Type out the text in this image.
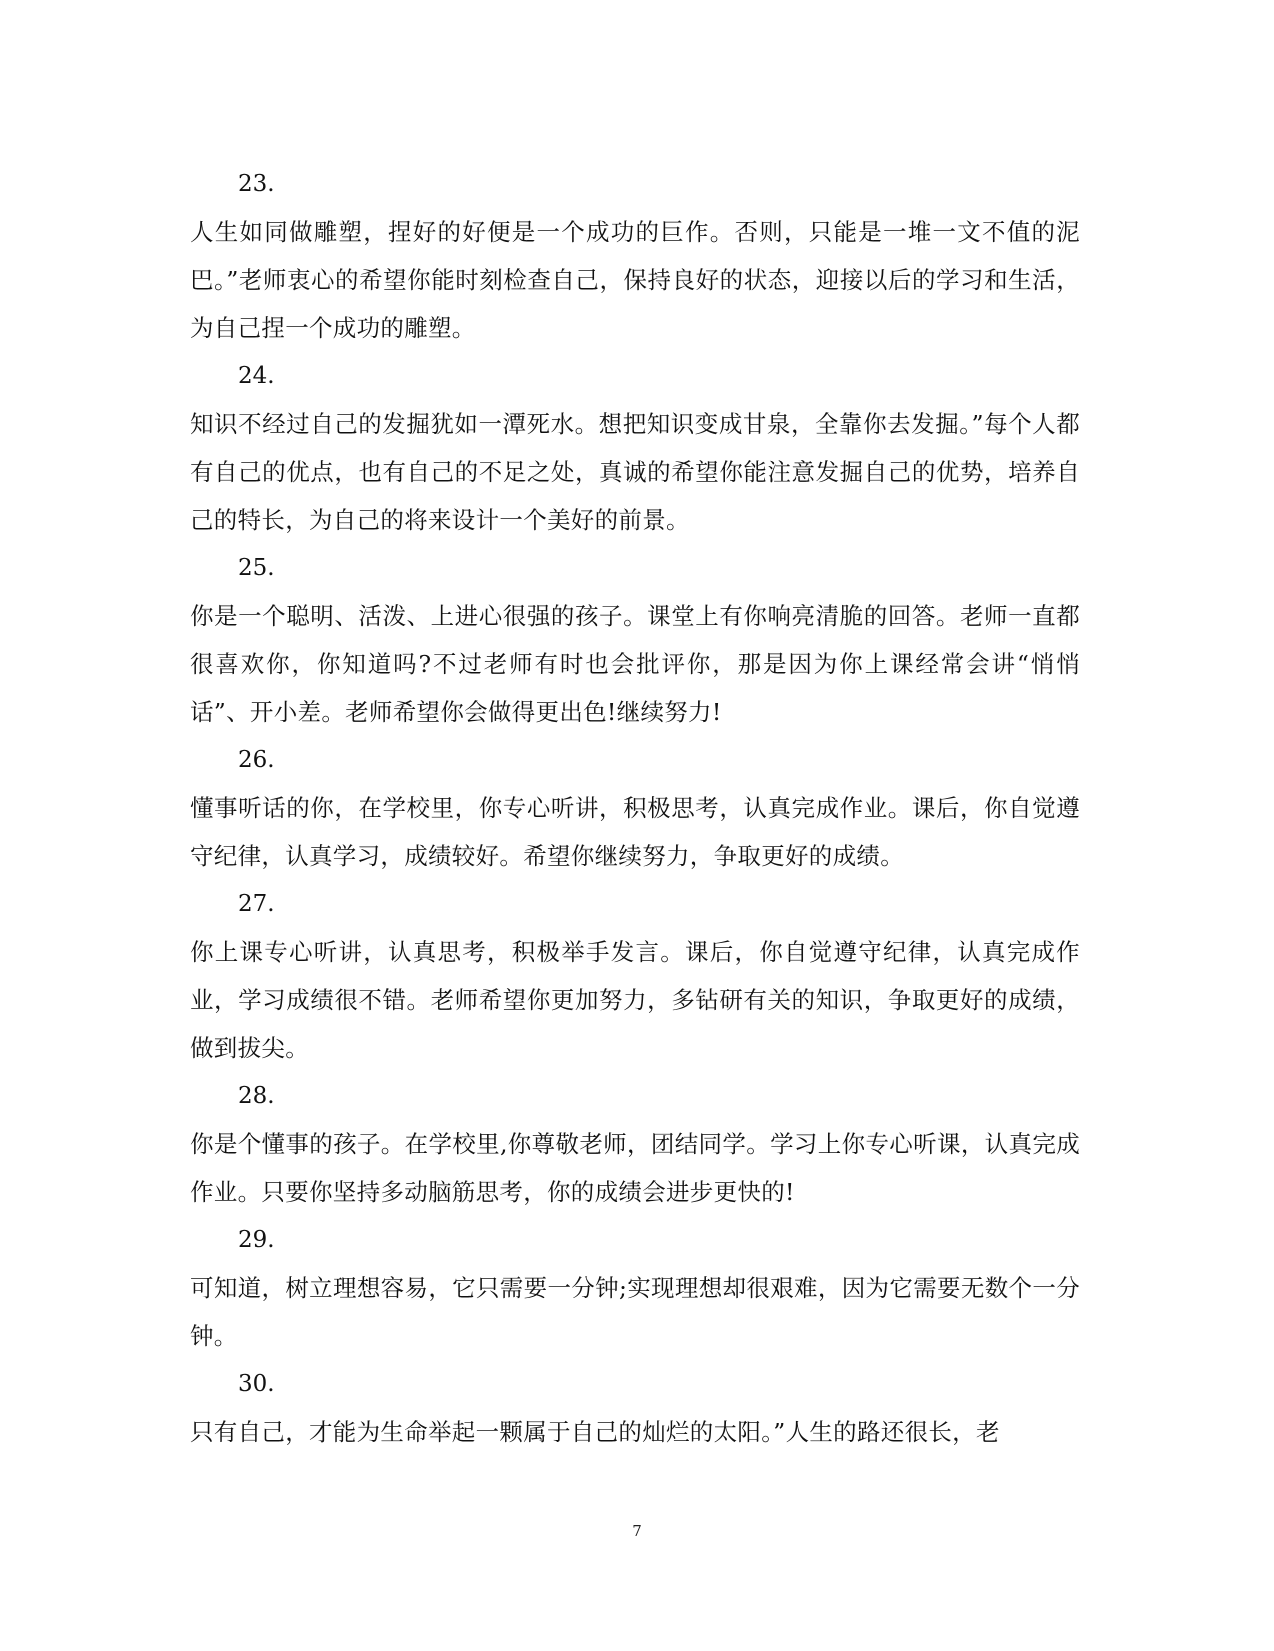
23.

人生如同做雕塑，捏好的好便是一个成功的巨作。否则，只能是一堆一文不值的泥巴。”老师衷心的希望你能时刻检查自己，保持良好的状态，迎接以后的学习和生活，为自己捏一个成功的雕塑。

24.

知识不经过自己的发掘犹如一潭死水。想把知识变成甘泉，全靠你去发掘。”每个人都有自己的优点，也有自己的不足之处，真诚的希望你能注意发掘自己的优势，培养自己的特长，为自己的将来设计一个美好的前景。

25.

你是一个聪明、活泼、上进心很强的孩子。课堂上有你响亮清脆的回答。老师一直都很喜欢你，你知道吗?不过老师有时也会批评你，那是因为你上课经常会讲“悄悄话”、开小差。老师希望你会做得更出色!继续努力!

26.

懂事听话的你，在学校里，你专心听讲，积极思考，认真完成作业。课后，你自觉遵守纪律，认真学习，成绩较好。希望你继续努力，争取更好的成绩。

27.

你上课专心听讲，认真思考，积极举手发言。课后，你自觉遵守纪律，认真完成作业，学习成绩很不错。老师希望你更加努力，多钻研有关的知识，争取更好的成绩，做到拔尖。

28.

你是个懂事的孩子。在学校里,你尊敬老师，团结同学。学习上你专心听课，认真完成作业。只要你坚持多动脑筋思考，你的成绩会进步更快的!

29.

可知道，树立理想容易，它只需要一分钟;实现理想却很艰难，因为它需要无数个一分钟。

30.

只有自己，才能为生命举起一颗属于自己的灿烂的太阳。”人生的路还很长，老

7
